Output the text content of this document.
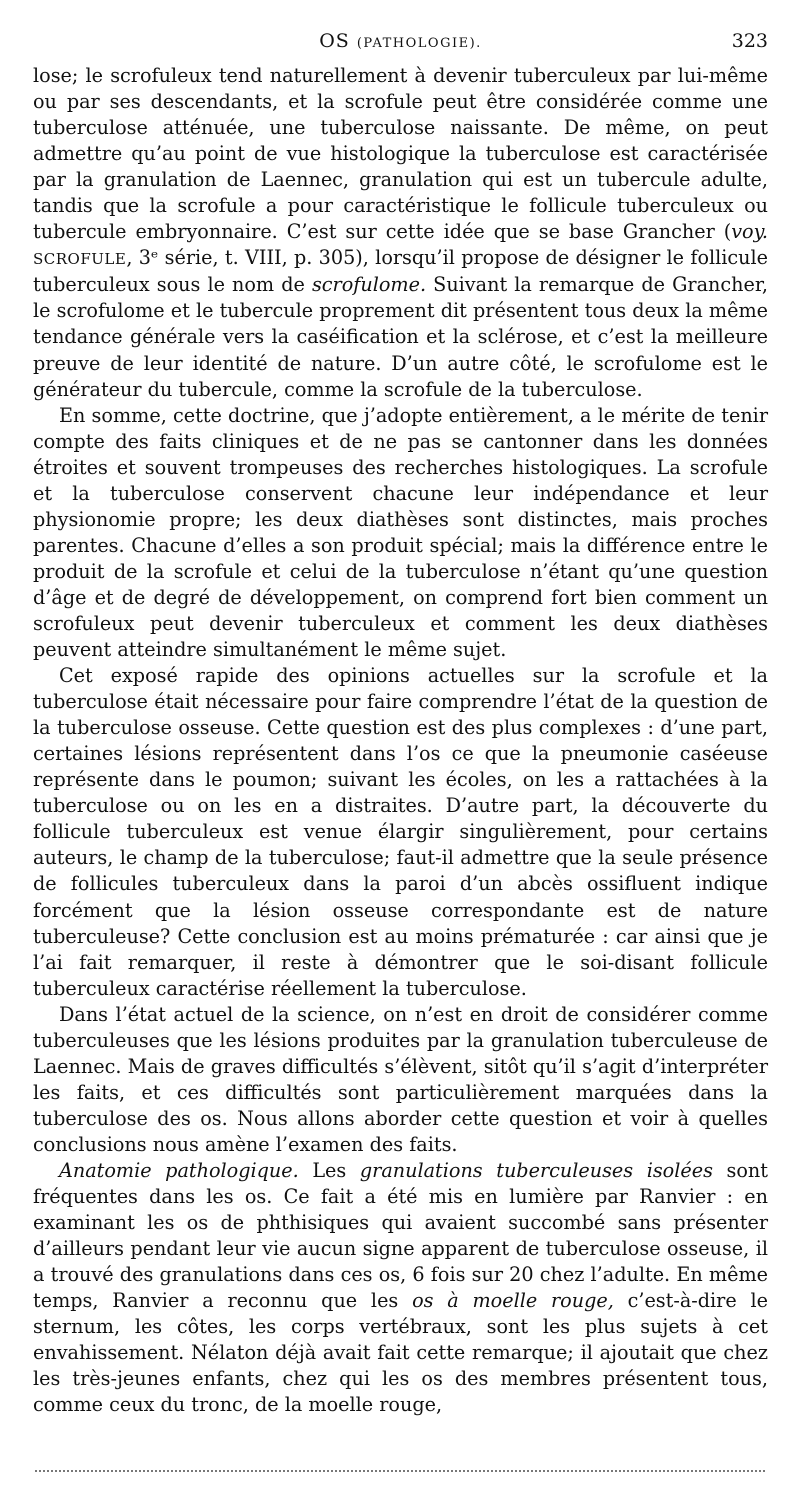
OS (PATHOLOGIE).	323

lose; le scrofuleux tend naturellement à devenir tuberculeux par lui-même ou par ses descendants, et la scrofule peut être considérée comme une tuberculose atténuée, une tuberculose naissante. De même, on peut admettre qu’au point de vue histologique la tuberculose est caractérisée par la granulation de Laennec, granulation qui est un tubercule adulte, tandis que la scrofule a pour caractéristique le follicule tuberculeux ou tubercule embryonnaire. C’est sur cette idée que se base Grancher (voy. SCROFULE, 3ᵉ série, t. VIII, p. 305), lorsqu’il propose de désigner le follicule tuberculeux sous le nom de scrofulome. Suivant la remarque de Grancher, le scrofulome et le tubercule proprement dit présentent tous deux la même tendance générale vers la caséification et la sclérose, et c’est la meilleure preuve de leur identité de nature. D’un autre côté, le scrofulome est le générateur du tubercule, comme la scrofule de la tuberculose.

En somme, cette doctrine, que j’adopte entièrement, a le mérite de tenir compte des faits cliniques et de ne pas se cantonner dans les données étroites et souvent trompeuses des recherches histologiques. La scrofule et la tuberculose conservent chacune leur indépendance et leur physionomie propre; les deux diathèses sont distinctes, mais proches parentes. Chacune d’elles a son produit spécial; mais la différence entre le produit de la scrofule et celui de la tuberculose n’étant qu’une question d’âge et de degré de développement, on comprend fort bien comment un scrofuleux peut devenir tuberculeux et comment les deux diathèses peuvent atteindre simultanément le même sujet.

Cet exposé rapide des opinions actuelles sur la scrofule et la tuberculose était nécessaire pour faire comprendre l’état de la question de la tuberculose osseuse. Cette question est des plus complexes : d’une part, certaines lésions représentent dans l’os ce que la pneumonie caséeuse représente dans le poumon; suivant les écoles, on les a rattachées à la tuberculose ou on les en a distraites. D’autre part, la découverte du follicule tuberculeux est venue élargir singulièrement, pour certains auteurs, le champ de la tuberculose; faut-il admettre que la seule présence de follicules tuberculeux dans la paroi d’un abcès ossifluent indique forcément que la lésion osseuse correspondante est de nature tuberculeuse? Cette conclusion est au moins prématurée : car ainsi que je l’ai fait remarquer, il reste à démontrer que le soi-disant follicule tuberculeux caractérise réellement la tuberculose.

Dans l’état actuel de la science, on n’est en droit de considérer comme tuberculeuses que les lésions produites par la granulation tuberculeuse de Laennec. Mais de graves difficultés s’élèvent, sitôt qu’il s’agit d’interpréter les faits, et ces difficultés sont particulièrement marquées dans la tuberculose des os. Nous allons aborder cette question et voir à quelles conclusions nous amène l’examen des faits.

Anatomie pathologique. Les granulations tuberculeuses isolées sont fréquentes dans les os. Ce fait a été mis en lumière par Ranvier : en examinant les os de phthisiques qui avaient succombé sans présenter d’ailleurs pendant leur vie aucun signe apparent de tuberculose osseuse, il a trouvé des granulations dans ces os, 6 fois sur 20 chez l’adulte. En même temps, Ranvier a reconnu que les os à moelle rouge, c’est-à-dire le sternum, les côtes, les corps vertébraux, sont les plus sujets à cet envahissement. Nélaton déjà avait fait cette remarque; il ajoutait que chez les très-jeunes enfants, chez qui les os des membres présentent tous, comme ceux du tronc, de la moelle rouge,
